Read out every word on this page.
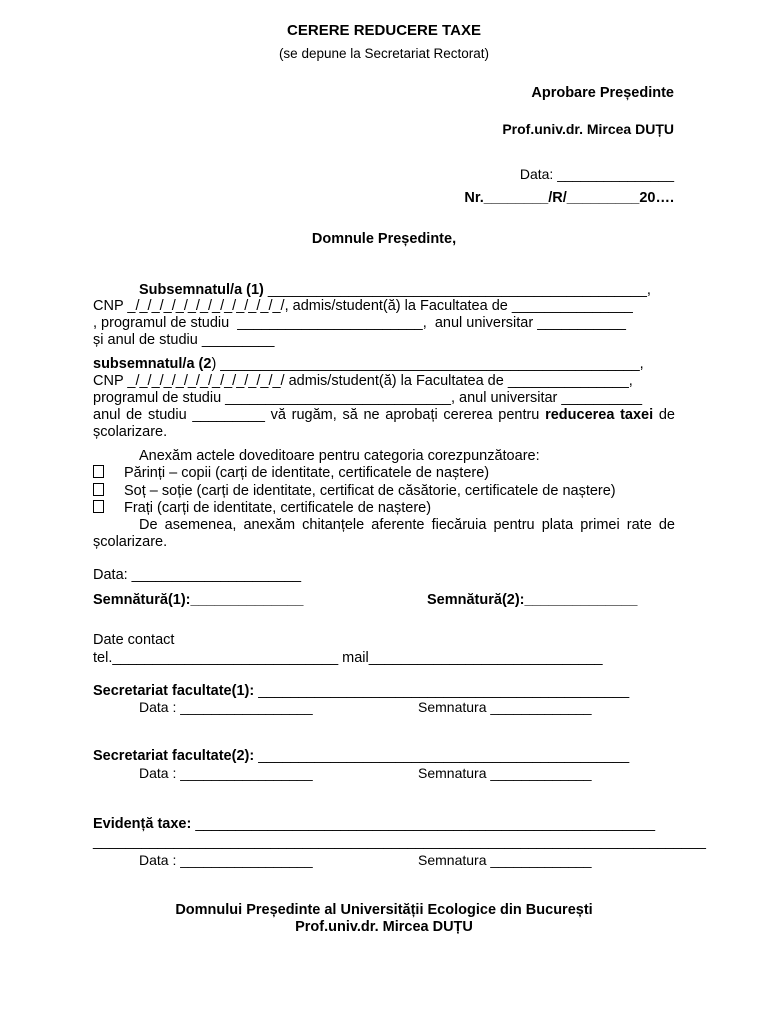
CERERE REDUCERE TAXE
(se depune la Secretariat Rectorat)
Aprobare Președinte
Prof.univ.dr. Mircea DUȚU
Data: _______________
Nr.________/R/_________20….
Domnule Președinte,
Subsemnatul/a (1) _______________________________________________,
CNP _/_/_/_/_/_/_/_/_/_/_/_/_/, admis/student(ă) la Facultatea de _______________
, programul de studiu  _______________________,  anul universitar ___________
și anul de studiu _________
subsemnatul/a (2) ____________________________________________________,
CNP _/_/_/_/_/_/_/_/_/_/_/_/_/ admis/student(ă) la Facultatea de _______________,
programul de studiu ____________________________, anul universitar __________
anul de studiu _________ vă rugăm, să ne aprobați cererea pentru reducerea taxei de școlarizare.
Anexăm actele doveditoare pentru categoria corezpunzătoare:
Părinți – copii (carți de identitate, certificatele de naștere)
Soț – soție (carți de identitate, certificat de căsătorie, certificatele de naștere)
Frați (carți de identitate, certificatele de naștere)
De asemenea, anexăm chitanțele aferente fiecăruia pentru plata primei rate de școlarizare.
Data: _____________________
Semnătură(1):______________	Semnătură(2):______________
Date contact
tel.____________________________ mail_____________________________
Secretariat facultate(1): ______________________________________________
Data : _________________	Semnatura _____________
Secretariat facultate(2): ______________________________________________
Data : _________________	Semnatura _____________
Evidență taxe: _________________________________________________________
____________________________________________________________________________
Data : _________________	Semnatura _____________
Domnului Președinte al Universității Ecologice din București
Prof.univ.dr. Mircea DUȚU
